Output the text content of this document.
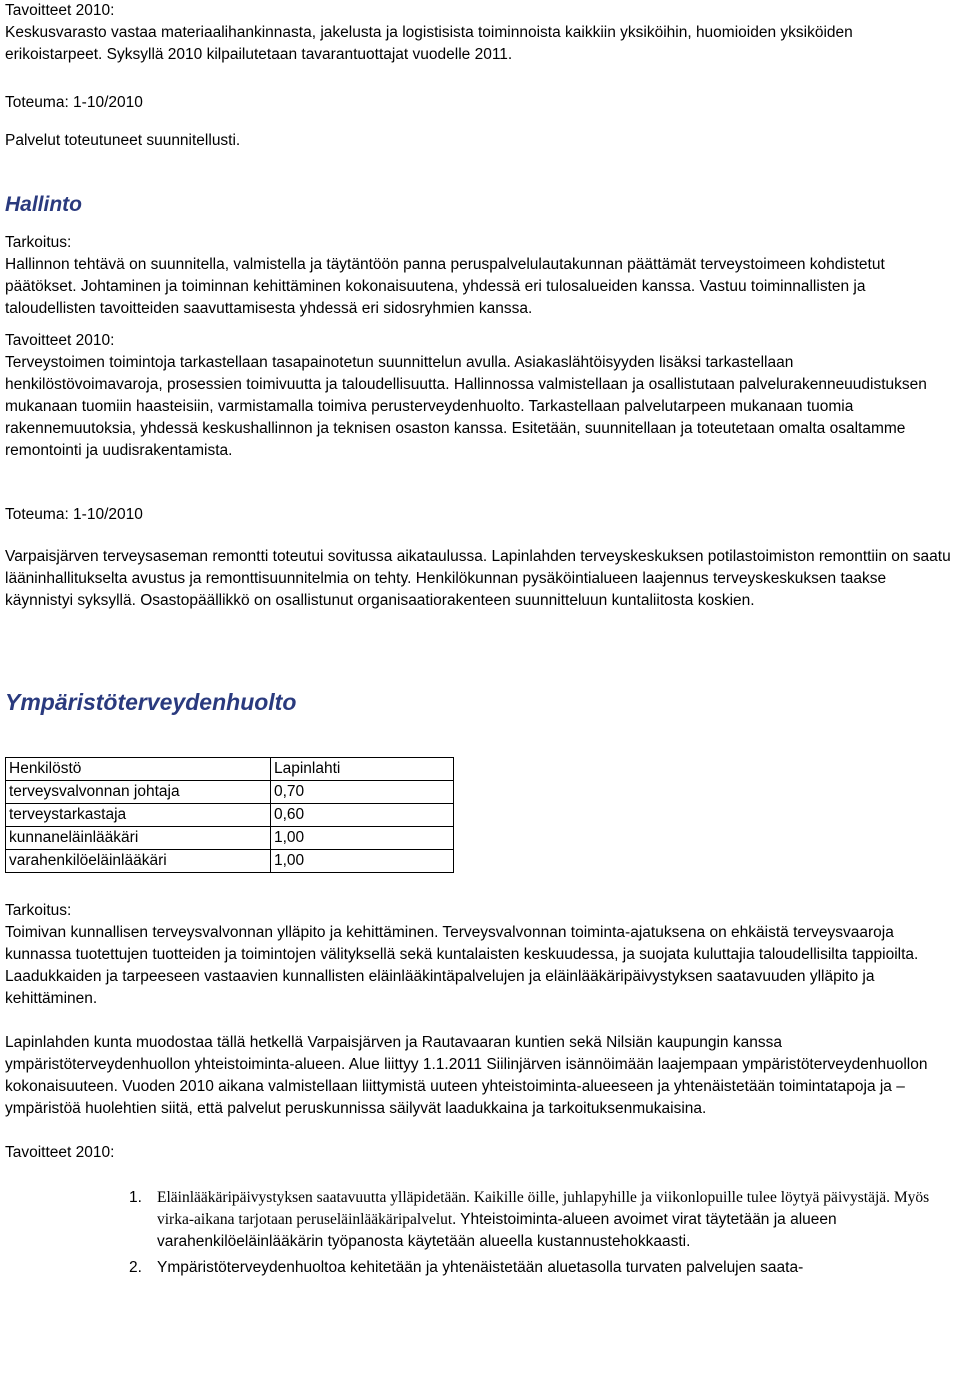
Tavoitteet 2010:

Keskusvarasto vastaa materiaalihankinnasta, jakelusta ja logistisista toiminnoista kaikkiin yksiköihin, huomioiden yksiköiden erikoistarpeet. Syksyllä 2010 kilpailutetaan tavarantuottajat vuodelle 2011.

Toteuma: 1-10/2010

Palvelut toteutuneet suunnitellusti.

Hallinto

Tarkoitus:

Hallinnon tehtävä on suunnitella, valmistella ja täytäntöön panna peruspalvelulautakunnan päättämät terveystoimeen kohdistetut päätökset. Johtaminen ja toiminnan kehittäminen kokonaisuutena, yhdessä eri tulosalueiden kanssa. Vastuu toiminnallisten ja taloudellisten tavoitteiden saavuttamisesta yhdessä eri sidosryhmien kanssa.

Tavoitteet 2010:

Terveystoimen toimintoja tarkastellaan tasapainotetun suunnittelun avulla. Asiakaslähtöisyyden lisäksi tarkastellaan henkilöstövoimavaroja, prosessien toimivuutta ja taloudellisuutta. Hallinnossa valmistellaan ja osallistutaan palvelurakenneuudistuksen mukanaan tuomiin haasteisiin, varmistamalla toimiva perusterveydenhuolto. Tarkastellaan palvelutarpeen mukanaan tuomia rakennemuutoksia, yhdessä keskushallinnon ja teknisen osaston kanssa. Esitetään, suunnitellaan ja toteutetaan omalta osaltamme remontointi ja uudisrakentamista.

Toteuma: 1-10/2010

Varpaisjärven terveysaseman remontti toteutui sovitussa aikataulussa. Lapinlahden terveyskeskuksen potilastoimiston remonttiin on saatu lääninhallitukselta avustus ja remonttisuunnitelmia on tehty. Henkilökunnan pysäköintialueen laajennus terveyskeskuksen taakse käynnistyi syksyllä. Osastopäällikkö on osallistunut organisaatiorakenteen suunnitteluun kuntaliitosta koskien.

Ympäristöterveydenhuolto
Henkilöstö	Lapinlahti
terveysvalvonnan johtaja	0,70
terveystarkastaja	0,60
kunnaneläinlääkäri	1,00
varahenkilöeläinlääkäri	1,00

Tarkoitus:

Toimivan kunnallisen terveysvalvonnan ylläpito ja kehittäminen. Terveysvalvonnan toiminta-ajatuksena on ehkäistä terveysvaaroja kunnassa tuotettujen tuotteiden ja toimintojen välityksellä sekä kuntalaisten keskuudessa, ja suojata kuluttajia taloudellisilta tappioilta.

Laadukkaiden ja tarpeeseen vastaavien kunnallisten eläinlääkintäpalvelujen ja eläinlääkäripäivystyksen saatavuuden ylläpito ja kehittäminen.

Lapinlahden kunta muodostaa tällä hetkellä Varpaisjärven ja Rautavaaran kuntien sekä Nilsiän kaupungin kanssa ympäristöterveydenhuollon yhteistoiminta-alueen. Alue liittyy 1.1.2011 Siilinjärven isännöimään laajempaan ympäristöterveydenhuollon kokonaisuuteen. Vuoden 2010 aikana valmistellaan liittymistä uuteen yhteistoiminta-alueeseen ja yhtenäistetään toimintatapoja ja –ympäristöä huolehtien siitä, että palvelut peruskunnissa säilyvät laadukkaina ja tarkoituksenmukaisina.

Tavoitteet 2010:

1. Eläinlääkäripäivystyksen saatavuutta ylläpidetään. Kaikille öille, juhlapyhille ja viikonlopuille tulee löytyä päivystäjä. Myös virka-aikana tarjotaan peruseläinlääkäripalvelut. Yhteistoiminta-alueen avoimet virat täytetään ja alueen varahenkilöeläinlääkärin työpanosta käytetään alueella kustannustehokkaasti.
2. Ympäristöterveydenhuoltoa kehitetään ja yhtenäistetään aluetasolla turvaten palvelujen saata-
